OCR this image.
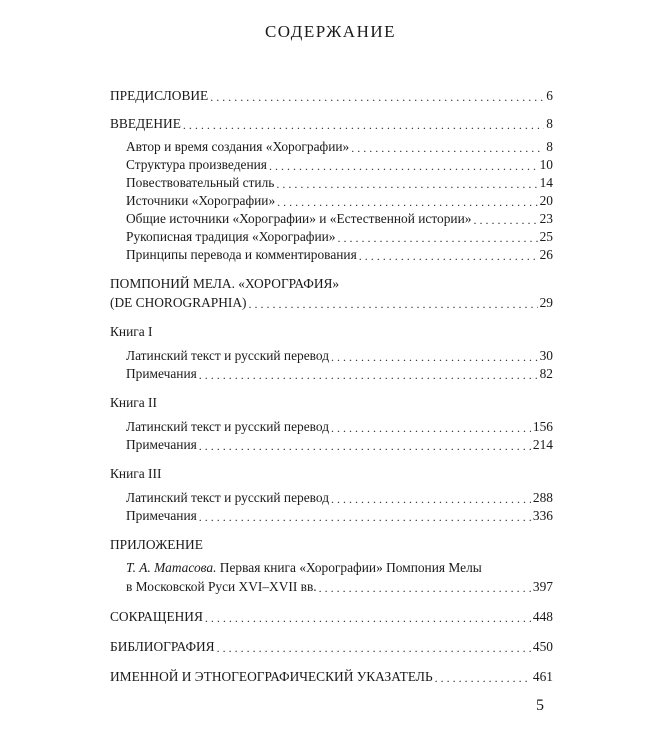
СОДЕРЖАНИЕ
ПРЕДИСЛОВИЕ . . .	6
ВВЕДЕНИЕ . . .	8
Автор и время создания «Хорографии» . . .	8
Структура произведения . . .	10
Повествовательный стиль . . .	14
Источники «Хорографии» . . .	20
Общие источники «Хорографии» и «Естественной истории» . . .	23
Рукописная традиция «Хорографии» . . .	25
Принципы перевода и комментирования . . .	26
ПОМПОНИЙ МЕЛА. «ХОРОГРАФИЯ»
(DE CHOROGRAPHIA) . . .	29
Книга I
Латинский текст и русский перевод . . .	30
Примечания . . .	82
Книга II
Латинский текст и русский перевод . . .	156
Примечания . . .	214
Книга III
Латинский текст и русский перевод . . .	288
Примечания . . .	336
ПРИЛОЖЕНИЕ
Т. А. Матасова. Первая книга «Хорографии» Помпония Мелы
в Московской Руси XVI–XVII вв. . . .	397
СОКРАЩЕНИЯ . . .	448
БИБЛИОГРАФИЯ . . .	450
ИМЕННОЙ И ЭТНОГЕОГРАФИЧЕСКИЙ УКАЗАТЕЛЬ . . .	461
5
